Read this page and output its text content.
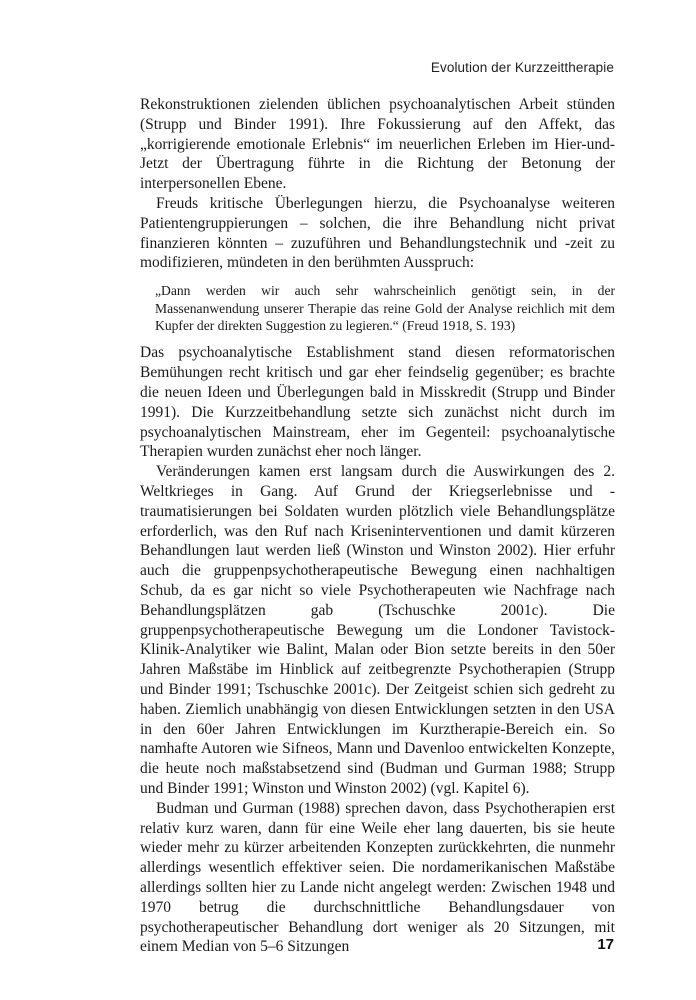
Evolution der Kurzzeittherapie

Rekonstruktionen zielenden üblichen psychoanalytischen Arbeit stünden (Strupp und Binder 1991). Ihre Fokussierung auf den Affekt, das „korrigierende emotionale Erlebnis“ im neuerlichen Erleben im Hier-und-Jetzt der Übertragung führte in die Richtung der Betonung der interpersonellen Ebene.

Freuds kritische Überlegungen hierzu, die Psychoanalyse weiteren Patientengruppierungen – solchen, die ihre Behandlung nicht privat finanzieren könnten – zuzuführen und Behandlungstechnik und -zeit zu modifizieren, mündeten in den berühmten Ausspruch:

„Dann werden wir auch sehr wahrscheinlich genötigt sein, in der Massenanwendung unserer Therapie das reine Gold der Analyse reichlich mit dem Kupfer der direkten Suggestion zu legieren.“ (Freud 1918, S. 193)

Das psychoanalytische Establishment stand diesen reformatorischen Bemühungen recht kritisch und gar eher feindselig gegenüber; es brachte die neuen Ideen und Überlegungen bald in Misskredit (Strupp und Binder 1991). Die Kurzzeitbehandlung setzte sich zunächst nicht durch im psychoanalytischen Mainstream, eher im Gegenteil: psychoanalytische Therapien wurden zunächst eher noch länger.

Veränderungen kamen erst langsam durch die Auswirkungen des 2. Weltkrieges in Gang. Auf Grund der Kriegserlebnisse und -traumatisierungen bei Soldaten wurden plötzlich viele Behandlungsplätze erforderlich, was den Ruf nach Kriseninterventionen und damit kürzeren Behandlungen laut werden ließ (Winston und Winston 2002). Hier erfuhr auch die gruppenpsychotherapeutische Bewegung einen nachhaltigen Schub, da es gar nicht so viele Psychotherapeuten wie Nachfrage nach Behandlungsplätzen gab (Tschuschke 2001c). Die gruppenpsychotherapeutische Bewegung um die Londoner Tavistock-Klinik-Analytiker wie Balint, Malan oder Bion setzte bereits in den 50er Jahren Maßstäbe im Hinblick auf zeitbegrenzte Psychotherapien (Strupp und Binder 1991; Tschuschke 2001c). Der Zeitgeist schien sich gedreht zu haben. Ziemlich unabhängig von diesen Entwicklungen setzten in den USA in den 60er Jahren Entwicklungen im Kurztherapie-Bereich ein. So namhafte Autoren wie Sifneos, Mann und Davenloo entwickelten Konzepte, die heute noch maßstabsetzend sind (Budman und Gurman 1988; Strupp und Binder 1991; Winston und Winston 2002) (vgl. Kapitel 6).

Budman und Gurman (1988) sprechen davon, dass Psychotherapien erst relativ kurz waren, dann für eine Weile eher lang dauerten, bis sie heute wieder mehr zu kürzer arbeitenden Konzepten zurückkehrten, die nunmehr allerdings wesentlich effektiver seien. Die nordamerikanischen Maßstäbe allerdings sollten hier zu Lande nicht angelegt werden: Zwischen 1948 und 1970 betrug die durchschnittliche Behandlungsdauer von psychotherapeutischer Behandlung dort weniger als 20 Sitzungen, mit einem Median von 5–6 Sitzungen	17
